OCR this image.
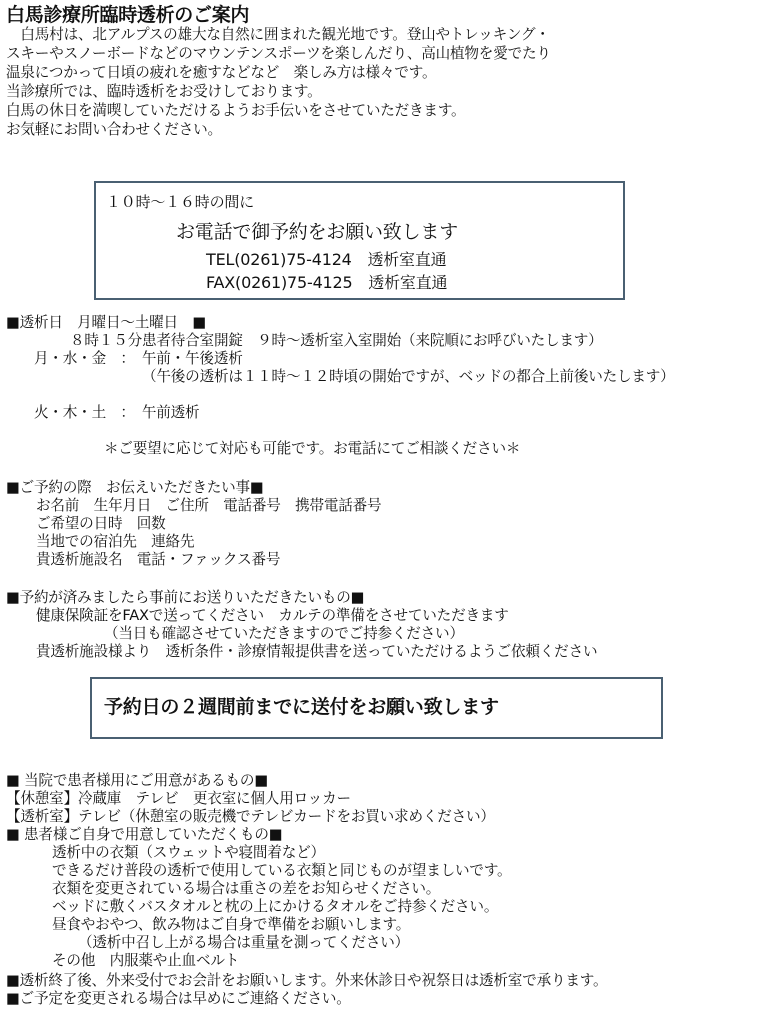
白馬診療所臨時透析のご案内
　白馬村は、北アルプスの雄大な自然に囲まれた観光地です。登山やトレッキング・
スキーやスノーボードなどのマウンテンスポーツを楽しんだり、高山植物を愛でたり
温泉につかって日頃の疲れを癒すなどなど　楽しみ方は様々です。
当診療所では、臨時透析をお受けしております。
白馬の休日を満喫していただけるようお手伝いをさせていただきます。
お気軽にお問い合わせください。
１０時～１６時の間に
お電話で御予約をお願い致します
TEL(0261)75-4124　透析室直通
FAX(0261)75-4125　透析室直通
■透析日　月曜日～土曜日　■
８時１５分患者待合室開錠　９時～透析室入室開始（来院順にお呼びいたします）
月・水・金　：　午前・午後透析
（午後の透析は１１時～１２時頃の開始ですが、ベッドの都合上前後いたします）
火・木・土　：　午前透析
＊ご要望に応じて対応も可能です。お電話にてご相談ください＊
■ご予約の際　お伝えいただきたい事■
お名前　生年月日　ご住所　電話番号　携帯電話番号
ご希望の日時　回数
当地での宿泊先　連絡先
貴透析施設名　電話・ファックス番号
■予約が済みましたら事前にお送りいただきたいもの■
健康保険証をFAXで送ってください　カルテの準備をさせていただきます
（当日も確認させていただきますのでご持参ください）
貴透析施設様より　透析条件・診療情報提供書を送っていただけるようご依頼ください
予約日の２週間前までに送付をお願い致します
■ 当院で患者様用にご用意があるもの■
【休憩室】冷蔵庫　テレビ　更衣室に個人用ロッカー
【透析室】テレビ（休憩室の販売機でテレビカードをお買い求めください）
■ 患者様ご自身で用意していただくもの■
透析中の衣類（スウェットや寝間着など）
できるだけ普段の透析で使用している衣類と同じものが望ましいです。
衣類を変更されている場合は重さの差をお知らせください。
ベッドに敷くバスタオルと枕の上にかけるタオルをご持参ください。
昼食やおやつ、飲み物はご自身で準備をお願いします。
（透析中召し上がる場合は重量を測ってください）
その他　内服薬や止血ベルト
■透析終了後、外来受付でお会計をお願いします。外来休診日や祝祭日は透析室で承ります。
■ご予定を変更される場合は早めにご連絡ください。
